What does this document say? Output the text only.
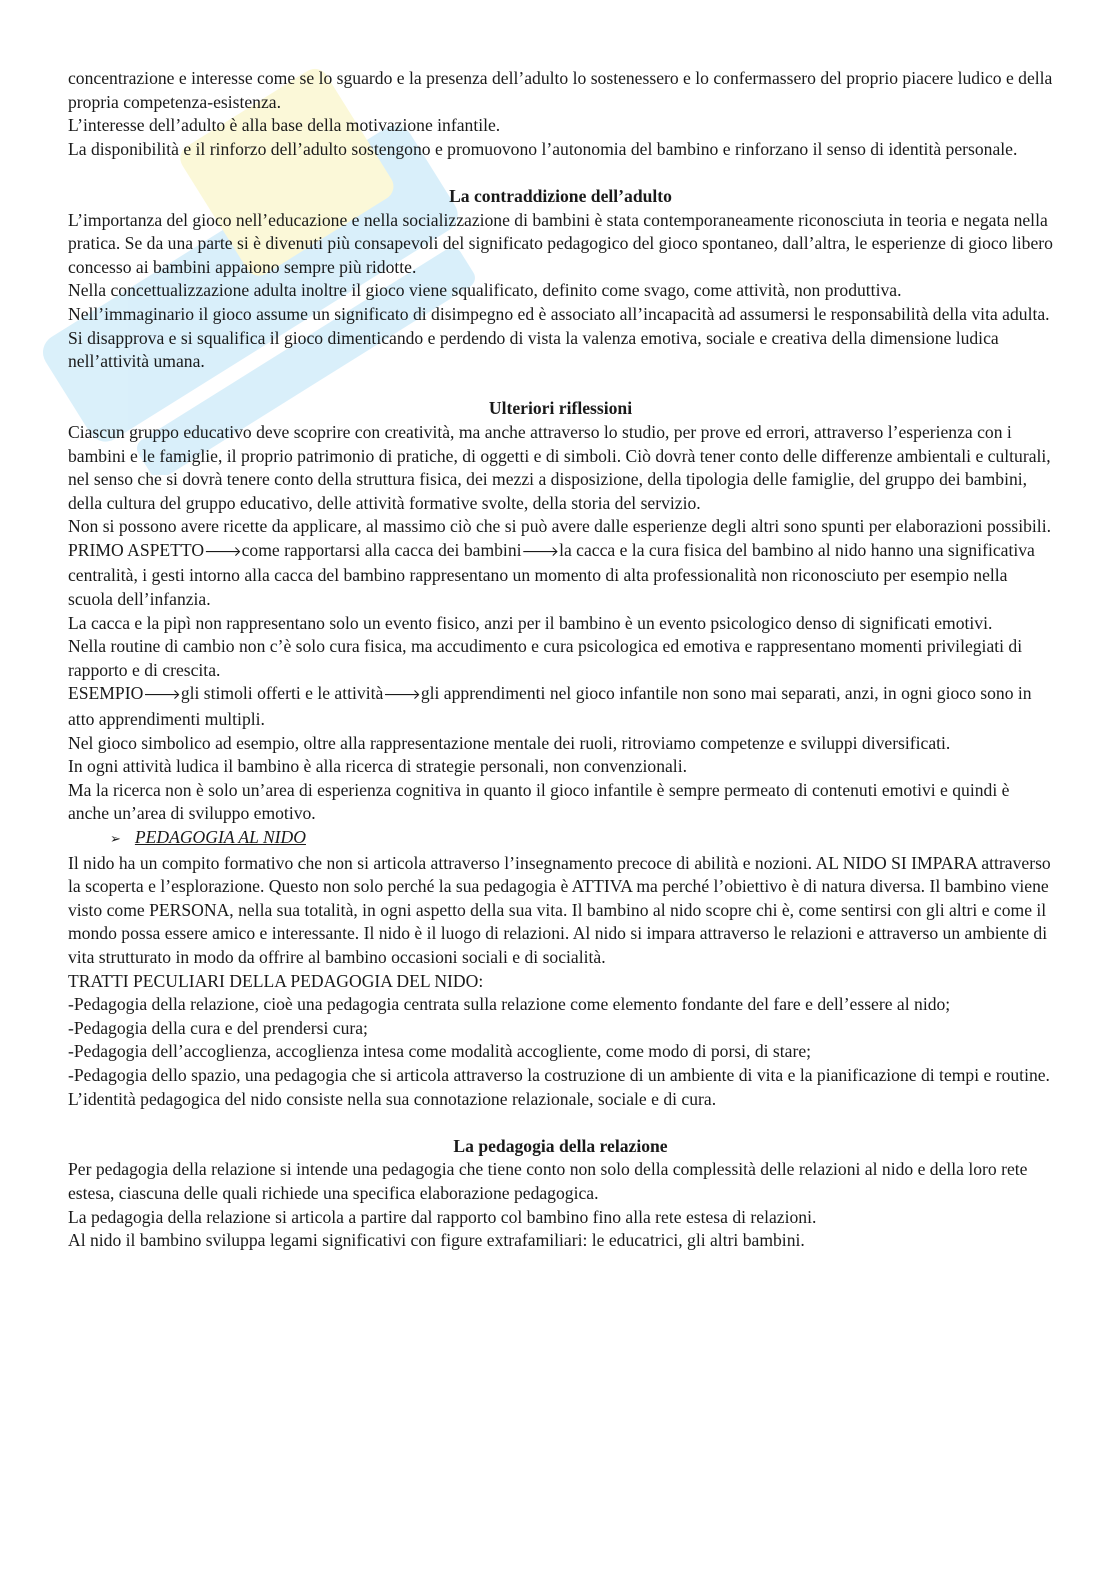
concentrazione e interesse come se lo sguardo e la presenza dell’adulto lo sostenessero e lo confermassero del proprio piacere ludico e della propria competenza-esistenza.

L’interesse dell’adulto è alla base della motivazione infantile.

La disponibilità e il rinforzo dell’adulto sostengono e promuovono l’autonomia del bambino e rinforzano il senso di identità personale.

La contraddizione dell’adulto

L’importanza del gioco nell’educazione e nella socializzazione di bambini è stata contemporaneamente riconosciuta in teoria e negata nella pratica. Se da una parte si è divenuti più consapevoli del significato pedagogico del gioco spontaneo, dall’altra, le esperienze di gioco libero concesso ai bambini appaiono sempre più ridotte.

Nella concettualizzazione adulta inoltre il gioco viene squalificato, definito come svago, come attività, non produttiva.

Nell’immaginario il gioco assume un significato di disimpegno ed è associato all’incapacità ad assumersi le responsabilità della vita adulta.

Si disapprova e si squalifica il gioco dimenticando e perdendo di vista la valenza emotiva, sociale e creativa della dimensione ludica nell’attività umana.

Ulteriori riflessioni

Ciascun gruppo educativo deve scoprire con creatività, ma anche attraverso lo studio, per prove ed errori, attraverso l’esperienza con i bambini e le famiglie, il proprio patrimonio di pratiche, di oggetti e di simboli. Ciò dovrà tener conto delle differenze ambientali e culturali, nel senso che si dovrà tenere conto della struttura fisica, dei mezzi a disposizione, della tipologia delle famiglie, del gruppo dei bambini, della cultura del gruppo educativo, delle attività formative svolte, della storia del servizio.

Non si possono avere ricette da applicare, al massimo ciò che si può avere dalle esperienze degli altri sono spunti per elaborazioni possibili.

PRIMO ASPETTO🡒come rapportarsi alla cacca dei bambini🡒la cacca e la cura fisica del bambino al nido hanno una significativa centralità, i gesti intorno alla cacca del bambino rappresentano un momento di alta professionalità non riconosciuto per esempio nella scuola dell’infanzia.

La cacca e la pipì non rappresentano solo un evento fisico, anzi per il bambino è un evento psicologico denso di significati emotivi.

Nella routine di cambio non c’è solo cura fisica, ma accudimento e cura psicologica ed emotiva e rappresentano momenti privilegiati di rapporto e di crescita.

ESEMPIO🡒gli stimoli offerti e le attività🡒gli apprendimenti nel gioco infantile non sono mai separati, anzi, in ogni gioco sono in atto apprendimenti multipli.

Nel gioco simbolico ad esempio, oltre alla rappresentazione mentale dei ruoli, ritroviamo competenze e sviluppi diversificati.

In ogni attività ludica il bambino è alla ricerca di strategie personali, non convenzionali.

Ma la ricerca non è solo un’area di esperienza cognitiva in quanto il gioco infantile è sempre permeato di contenuti emotivi e quindi è anche un’area di sviluppo emotivo.

➢ PEDAGOGIA AL NIDO

Il nido ha un compito formativo che non si articola attraverso l’insegnamento precoce di abilità e nozioni. AL NIDO SI IMPARA attraverso la scoperta e l’esplorazione. Questo non solo perché la sua pedagogia è ATTIVA ma perché l’obiettivo è di natura diversa. Il bambino viene visto come PERSONA, nella sua totalità, in ogni aspetto della sua vita. Il bambino al nido scopre chi è, come sentirsi con gli altri e come il mondo possa essere amico e interessante. Il nido è il luogo di relazioni. Al nido si impara attraverso le relazioni e attraverso un ambiente di vita strutturato in modo da offrire al bambino occasioni sociali e di socialità.

TRATTI PECULIARI DELLA PEDAGOGIA DEL NIDO:

-Pedagogia della relazione, cioè una pedagogia centrata sulla relazione come elemento fondante del fare e dell’essere al nido;

-Pedagogia della cura e del prendersi cura;

-Pedagogia dell’accoglienza, accoglienza intesa come modalità accogliente, come modo di porsi, di stare;

-Pedagogia dello spazio, una pedagogia che si articola attraverso la costruzione di un ambiente di vita e la pianificazione di tempi e routine.

L’identità pedagogica del nido consiste nella sua connotazione relazionale, sociale e di cura.

La pedagogia della relazione

Per pedagogia della relazione si intende una pedagogia che tiene conto non solo della complessità delle relazioni al nido e della loro rete estesa, ciascuna delle quali richiede una specifica elaborazione pedagogica.

La pedagogia della relazione si articola a partire dal rapporto col bambino fino alla rete estesa di relazioni.

Al nido il bambino sviluppa legami significativi con figure extrafamiliari: le educatrici, gli altri bambini.
